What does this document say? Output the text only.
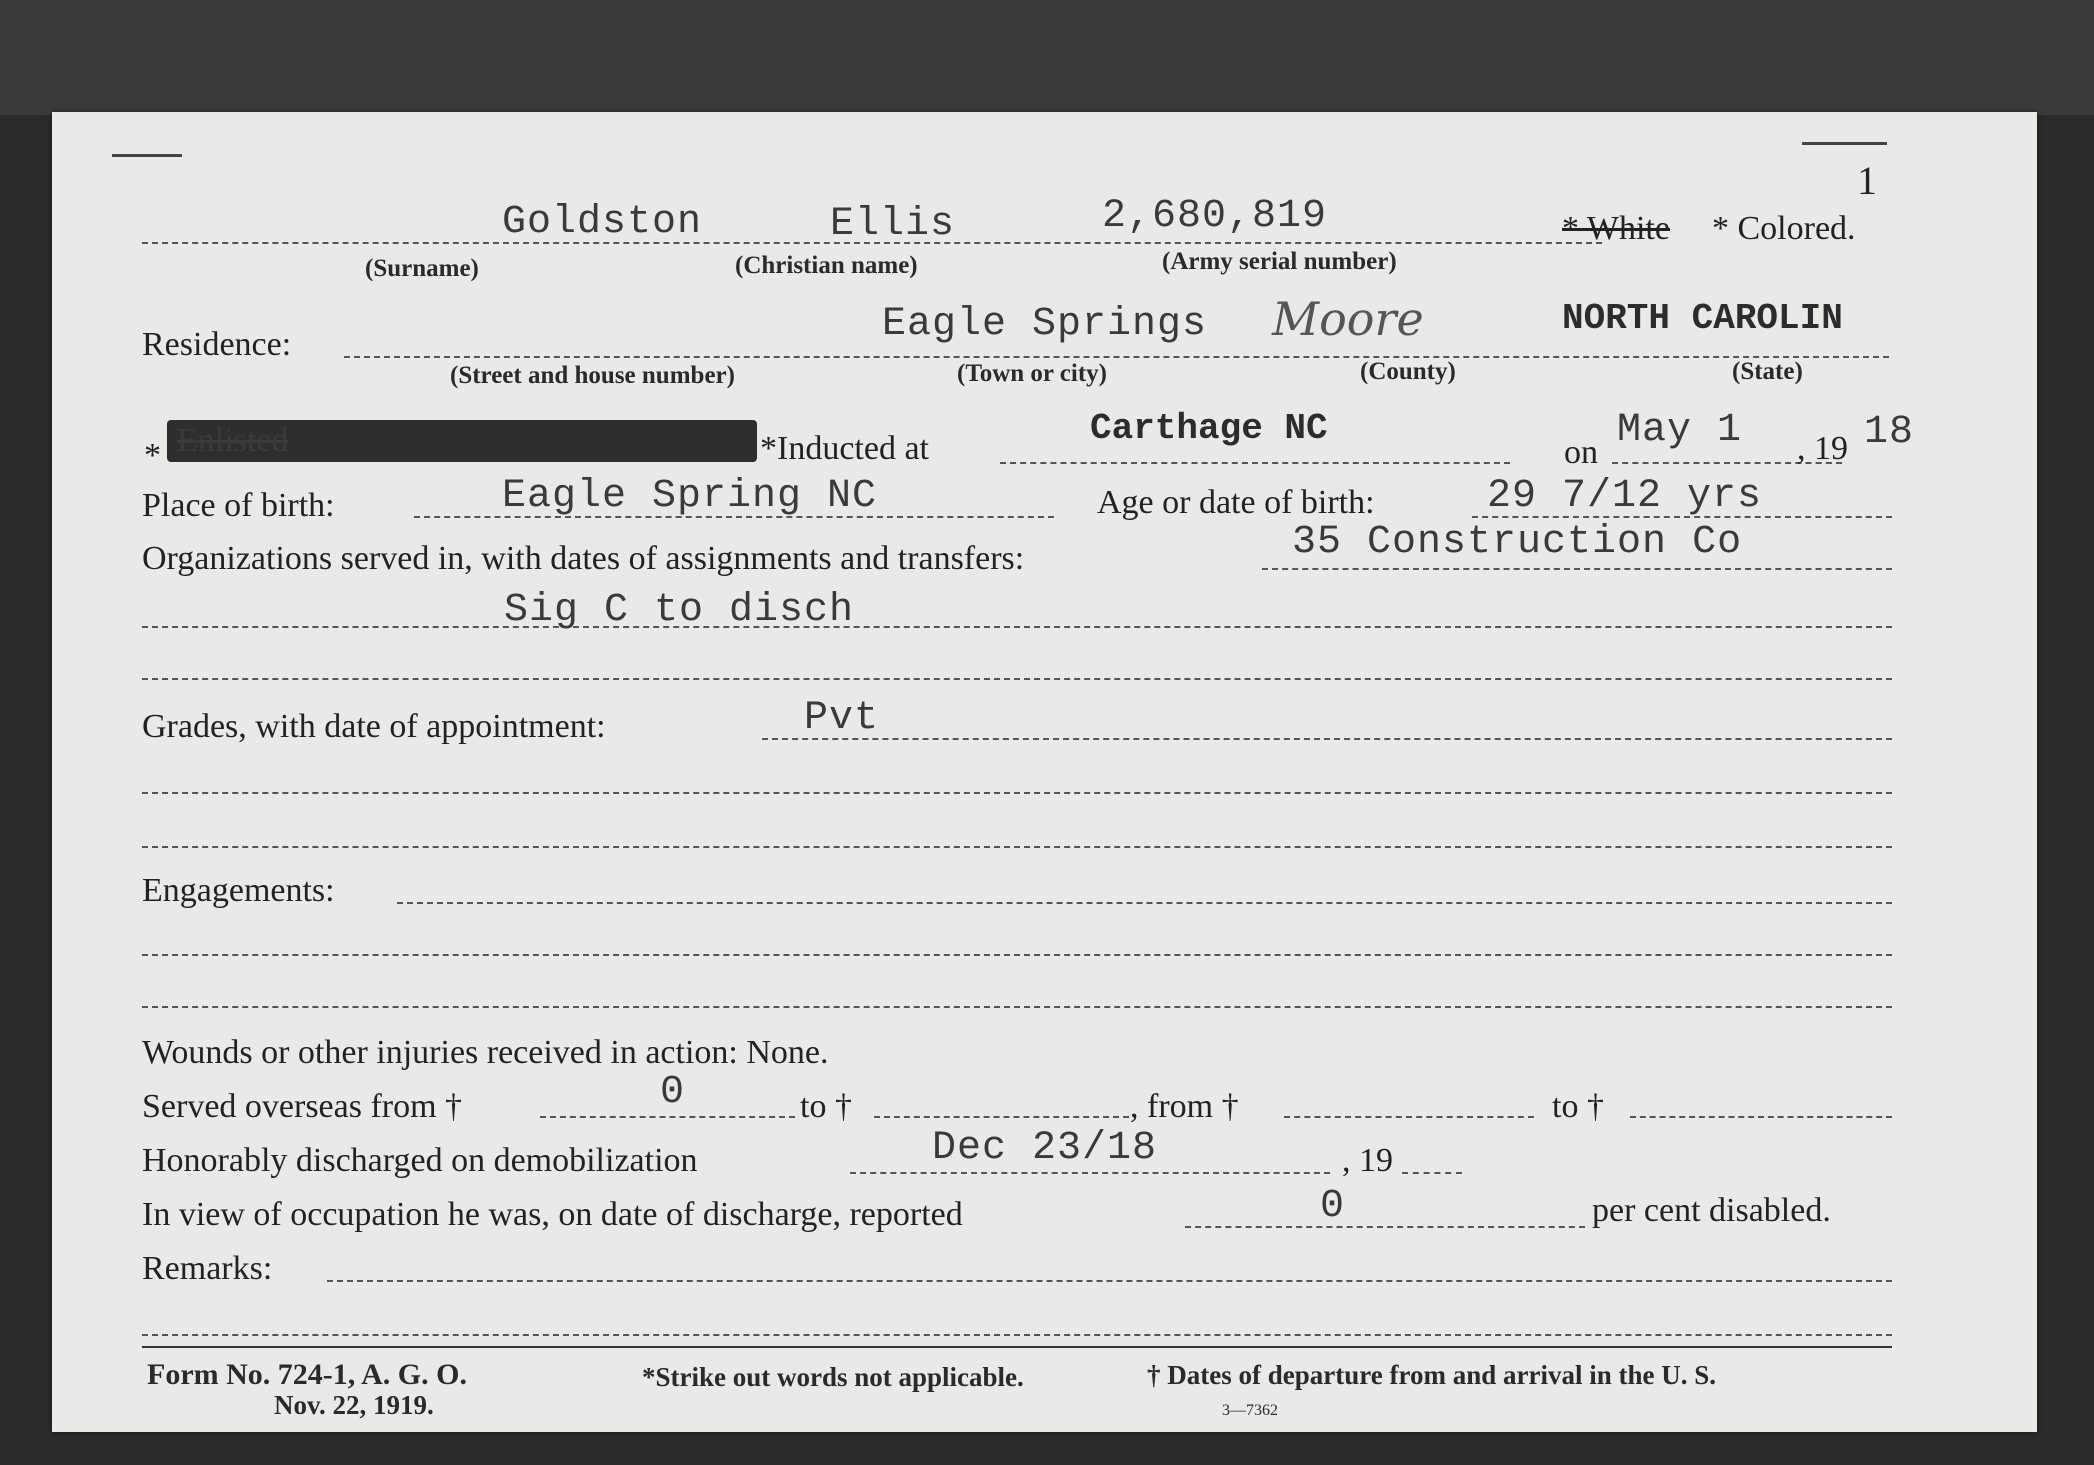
1
Goldston	Ellis	2,680,819	* White * Colored.
(Surname)	(Christian name)	(Army serial number)
Residence:	Eagle Springs Moore	NORTH CAROLIN
(Street and house number)	(Town or city)	(County)	(State)
* Enlisted	*Inducted at	Carthage NC
on May 1 , 19 18
Place of birth:	Eagle Spring NC	Age or date of birth:	29 7/12 yrs
Organizations served in, with dates of assignments and transfers:	35 Construction Co
Sig C to disch
Grades, with date of appointment:	Pvt
Engagements:
Wounds or other injuries received in action: None.
Served overseas from †	0	to †	, from †	to †
Honorably discharged on demobilization	Dec 23/18	, 19
In view of occupation he was, on date of discharge, reported	0	per cent disabled.
Remarks:
Form No. 724-1, A. G. O.
Nov. 22, 1919.
*Strike out words not applicable.	† Dates of departure from and arrival in the U. S.
3—7362
